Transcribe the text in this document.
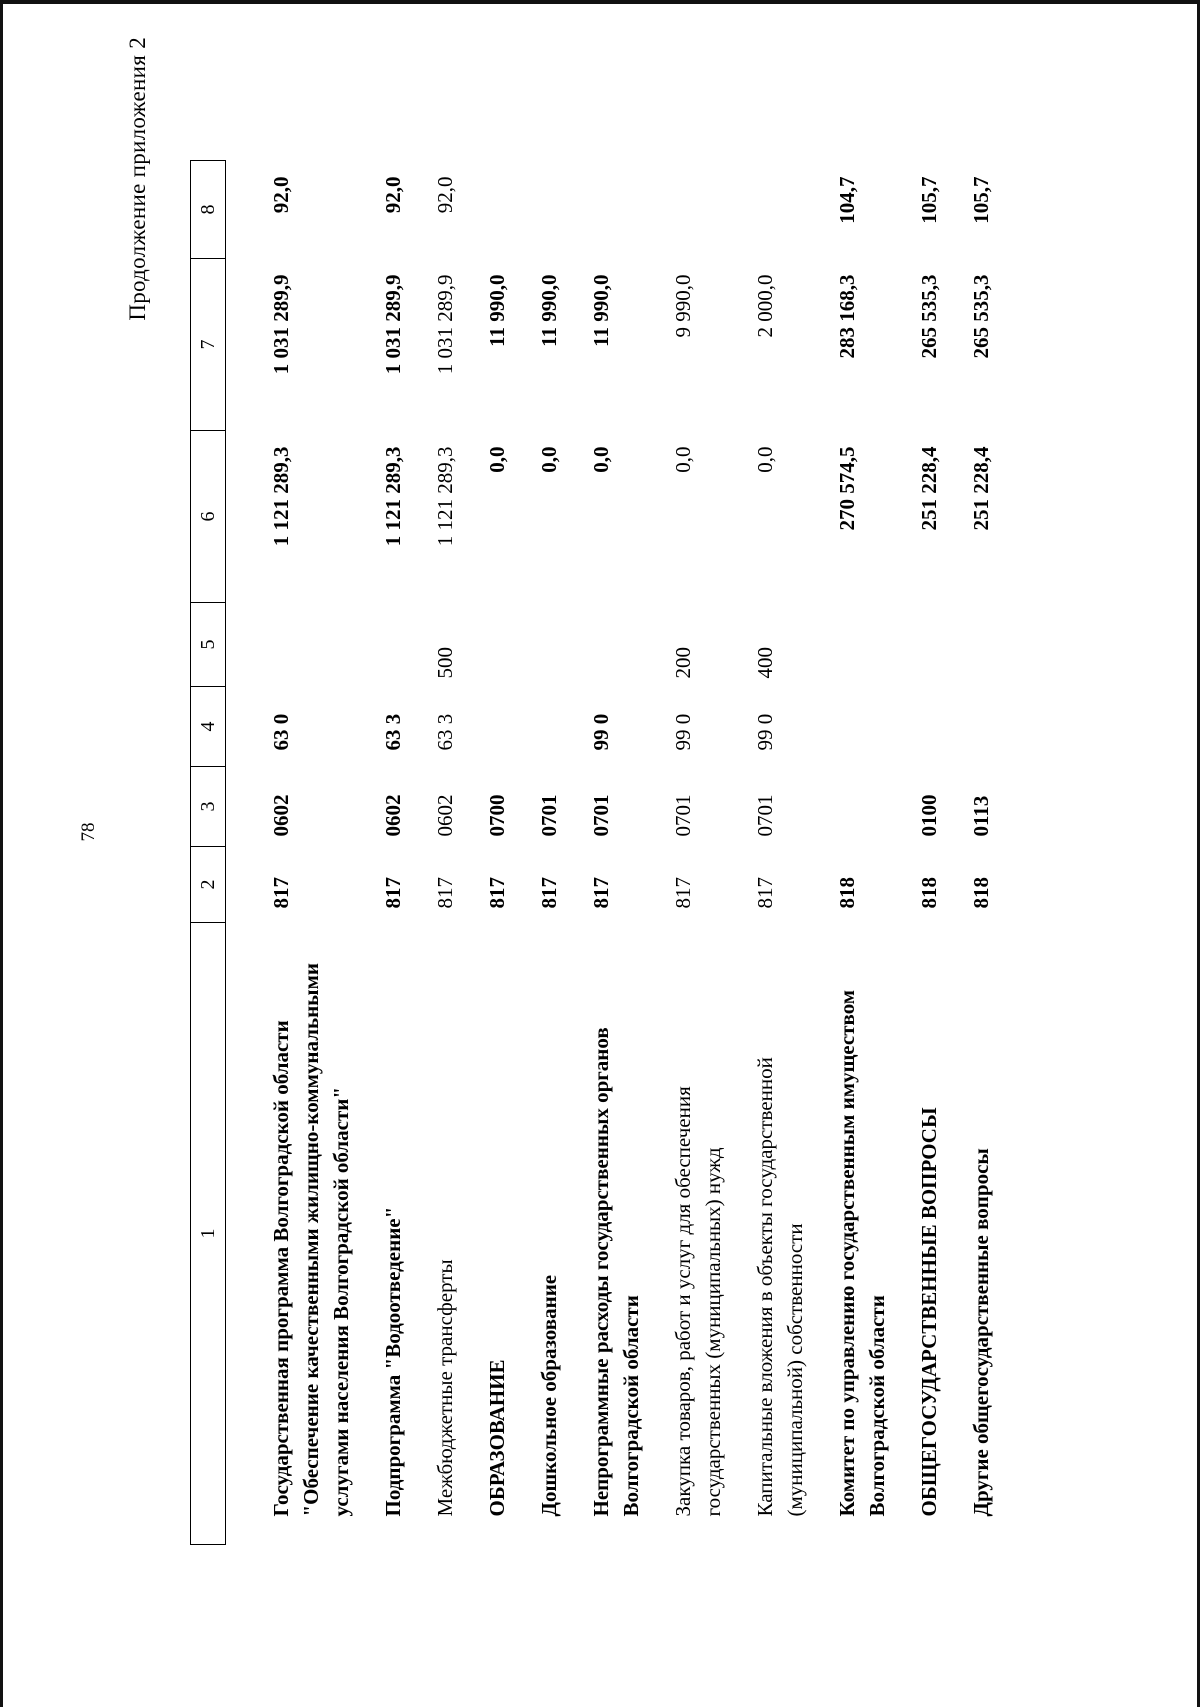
78
Продолжение приложения 2
1	2	3	4	5	6	7	8
Государственная программа Волгоградской области "Обеспечение качественными жилищно-коммунальными услугами населения Волгоградской области"	817	0602	63 0		1 121 289,3	1 031 289,9	92,0
Подпрограмма "Водоотведение"	817	0602	63 3		1 121 289,3	1 031 289,9	92,0
Межбюджетные трансферты	817	0602	63 3	500	1 121 289,3	1 031 289,9	92,0
ОБРАЗОВАНИЕ	817	0700			0,0	11 990,0	
Дошкольное образование	817	0701			0,0	11 990,0	
Непрограммные расходы государственных органов Волгоградской области	817	0701	99 0		0,0	11 990,0	
Закупка товаров, работ и услуг для обеспечения государственных (муниципальных) нужд	817	0701	99 0	200	0,0	9 990,0	
Капитальные вложения в объекты государственной (муниципальной) собственности	817	0701	99 0	400	0,0	2 000,0	
Комитет по управлению государственным имуществом Волгоградской области	818				270 574,5	283 168,3	104,7
ОБЩЕГОСУДАРСТВЕННЫЕ ВОПРОСЫ	818	0100			251 228,4	265 535,3	105,7
Другие общегосударственные вопросы	818	0113			251 228,4	265 535,3	105,7
